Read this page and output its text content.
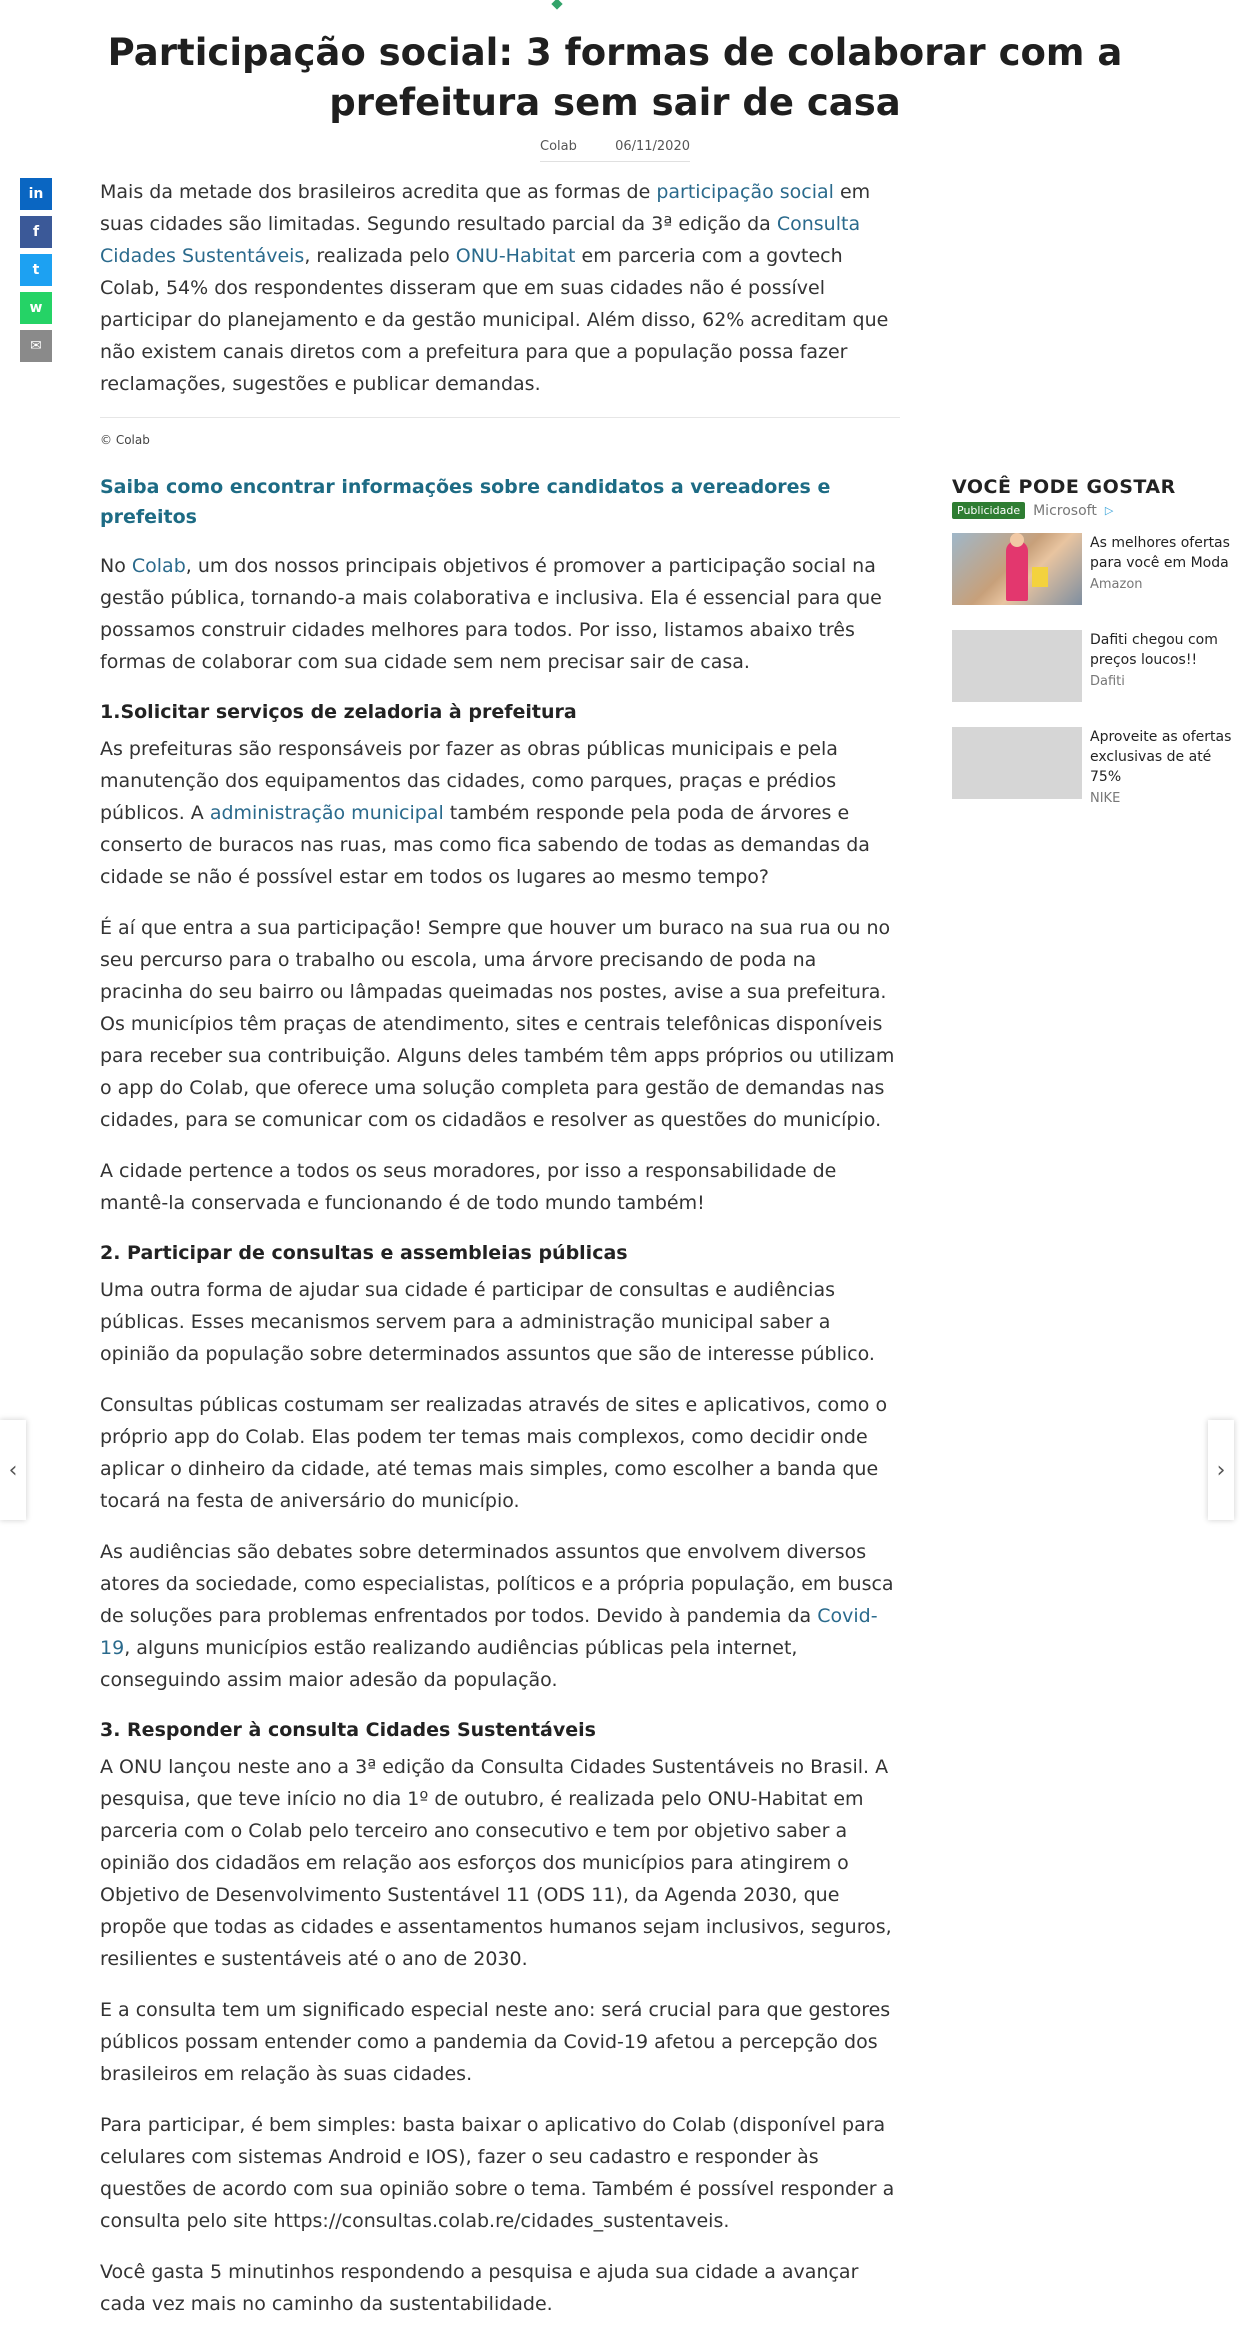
Participação social: 3 formas de colaborar com a prefeitura sem sair de casa
Colab	06/11/2020
in
f
t
w
✉

Mais da metade dos brasileiros acredita que as formas de participação social em suas cidades são limitadas. Segundo resultado parcial da 3ª edição da Consulta Cidades Sustentáveis, realizada pelo ONU-Habitat em parceria com a govtech Colab, 54% dos respondentes disseram que em suas cidades não é possível participar do planejamento e da gestão municipal. Além disso, 62% acreditam que não existem canais diretos com a prefeitura para que a população possa fazer reclamações, sugestões e publicar demandas.

© Colab
Saiba como encontrar informações sobre candidatos a vereadores e prefeitos

No Colab, um dos nossos principais objetivos é promover a participação social na gestão pública, tornando-a mais colaborativa e inclusiva. Ela é essencial para que possamos construir cidades melhores para todos. Por isso, listamos abaixo três formas de colaborar com sua cidade sem nem precisar sair de casa.

1.Solicitar serviços de zeladoria à prefeitura

As prefeituras são responsáveis por fazer as obras públicas municipais e pela manutenção dos equipamentos das cidades, como parques, praças e prédios públicos. A administração municipal também responde pela poda de árvores e conserto de buracos nas ruas, mas como fica sabendo de todas as demandas da cidade se não é possível estar em todos os lugares ao mesmo tempo?

É aí que entra a sua participação! Sempre que houver um buraco na sua rua ou no seu percurso para o trabalho ou escola, uma árvore precisando de poda na pracinha do seu bairro ou lâmpadas queimadas nos postes, avise a sua prefeitura. Os municípios têm praças de atendimento, sites e centrais telefônicas disponíveis para receber sua contribuição. Alguns deles também têm apps próprios ou utilizam o app do Colab, que oferece uma solução completa para gestão de demandas nas cidades, para se comunicar com os cidadãos e resolver as questões do município.

A cidade pertence a todos os seus moradores, por isso a responsabilidade de mantê-la conservada e funcionando é de todo mundo também!

2. Participar de consultas e assembleias públicas

Uma outra forma de ajudar sua cidade é participar de consultas e audiências públicas. Esses mecanismos servem para a administração municipal saber a opinião da população sobre determinados assuntos que são de interesse público.

Consultas públicas costumam ser realizadas através de sites e aplicativos, como o próprio app do Colab. Elas podem ter temas mais complexos, como decidir onde aplicar o dinheiro da cidade, até temas mais simples, como escolher a banda que tocará na festa de aniversário do município.

As audiências são debates sobre determinados assuntos que envolvem diversos atores da sociedade, como especialistas, políticos e a própria população, em busca de soluções para problemas enfrentados por todos. Devido à pandemia da Covid-19, alguns municípios estão realizando audiências públicas pela internet, conseguindo assim maior adesão da população.

3. Responder à consulta Cidades Sustentáveis

A ONU lançou neste ano a 3ª edição da Consulta Cidades Sustentáveis no Brasil. A pesquisa, que teve início no dia 1º de outubro, é realizada pelo ONU-Habitat em parceria com o Colab pelo terceiro ano consecutivo e tem por objetivo saber a opinião dos cidadãos em relação aos esforços dos municípios para atingirem o Objetivo de Desenvolvimento Sustentável 11 (ODS 11), da Agenda 2030, que propõe que todas as cidades e assentamentos humanos sejam inclusivos, seguros, resilientes e sustentáveis até o ano de 2030.

E a consulta tem um significado especial neste ano: será crucial para que gestores públicos possam entender como a pandemia da Covid-19 afetou a percepção dos brasileiros em relação às suas cidades.

Para participar, é bem simples: basta baixar o aplicativo do Colab (disponível para celulares com sistemas Android e IOS), fazer o seu cadastro e responder às questões de acordo com sua opinião sobre o tema. Também é possível responder a consulta pelo site https://consultas.colab.re/cidades_sustentaveis.

Você gasta 5 minutinhos respondendo a pesquisa e ajuda sua cidade a avançar cada vez mais no caminho da sustentabilidade.

VOCÊ PODE GOSTAR
Publicidade Microsoft ▷
As melhores ofertas para você em Moda
Amazon
Dafiti chegou com preços loucos!!
Dafiti
Aproveite as ofertas exclusivas de até 75%
NIKE
‹	›
